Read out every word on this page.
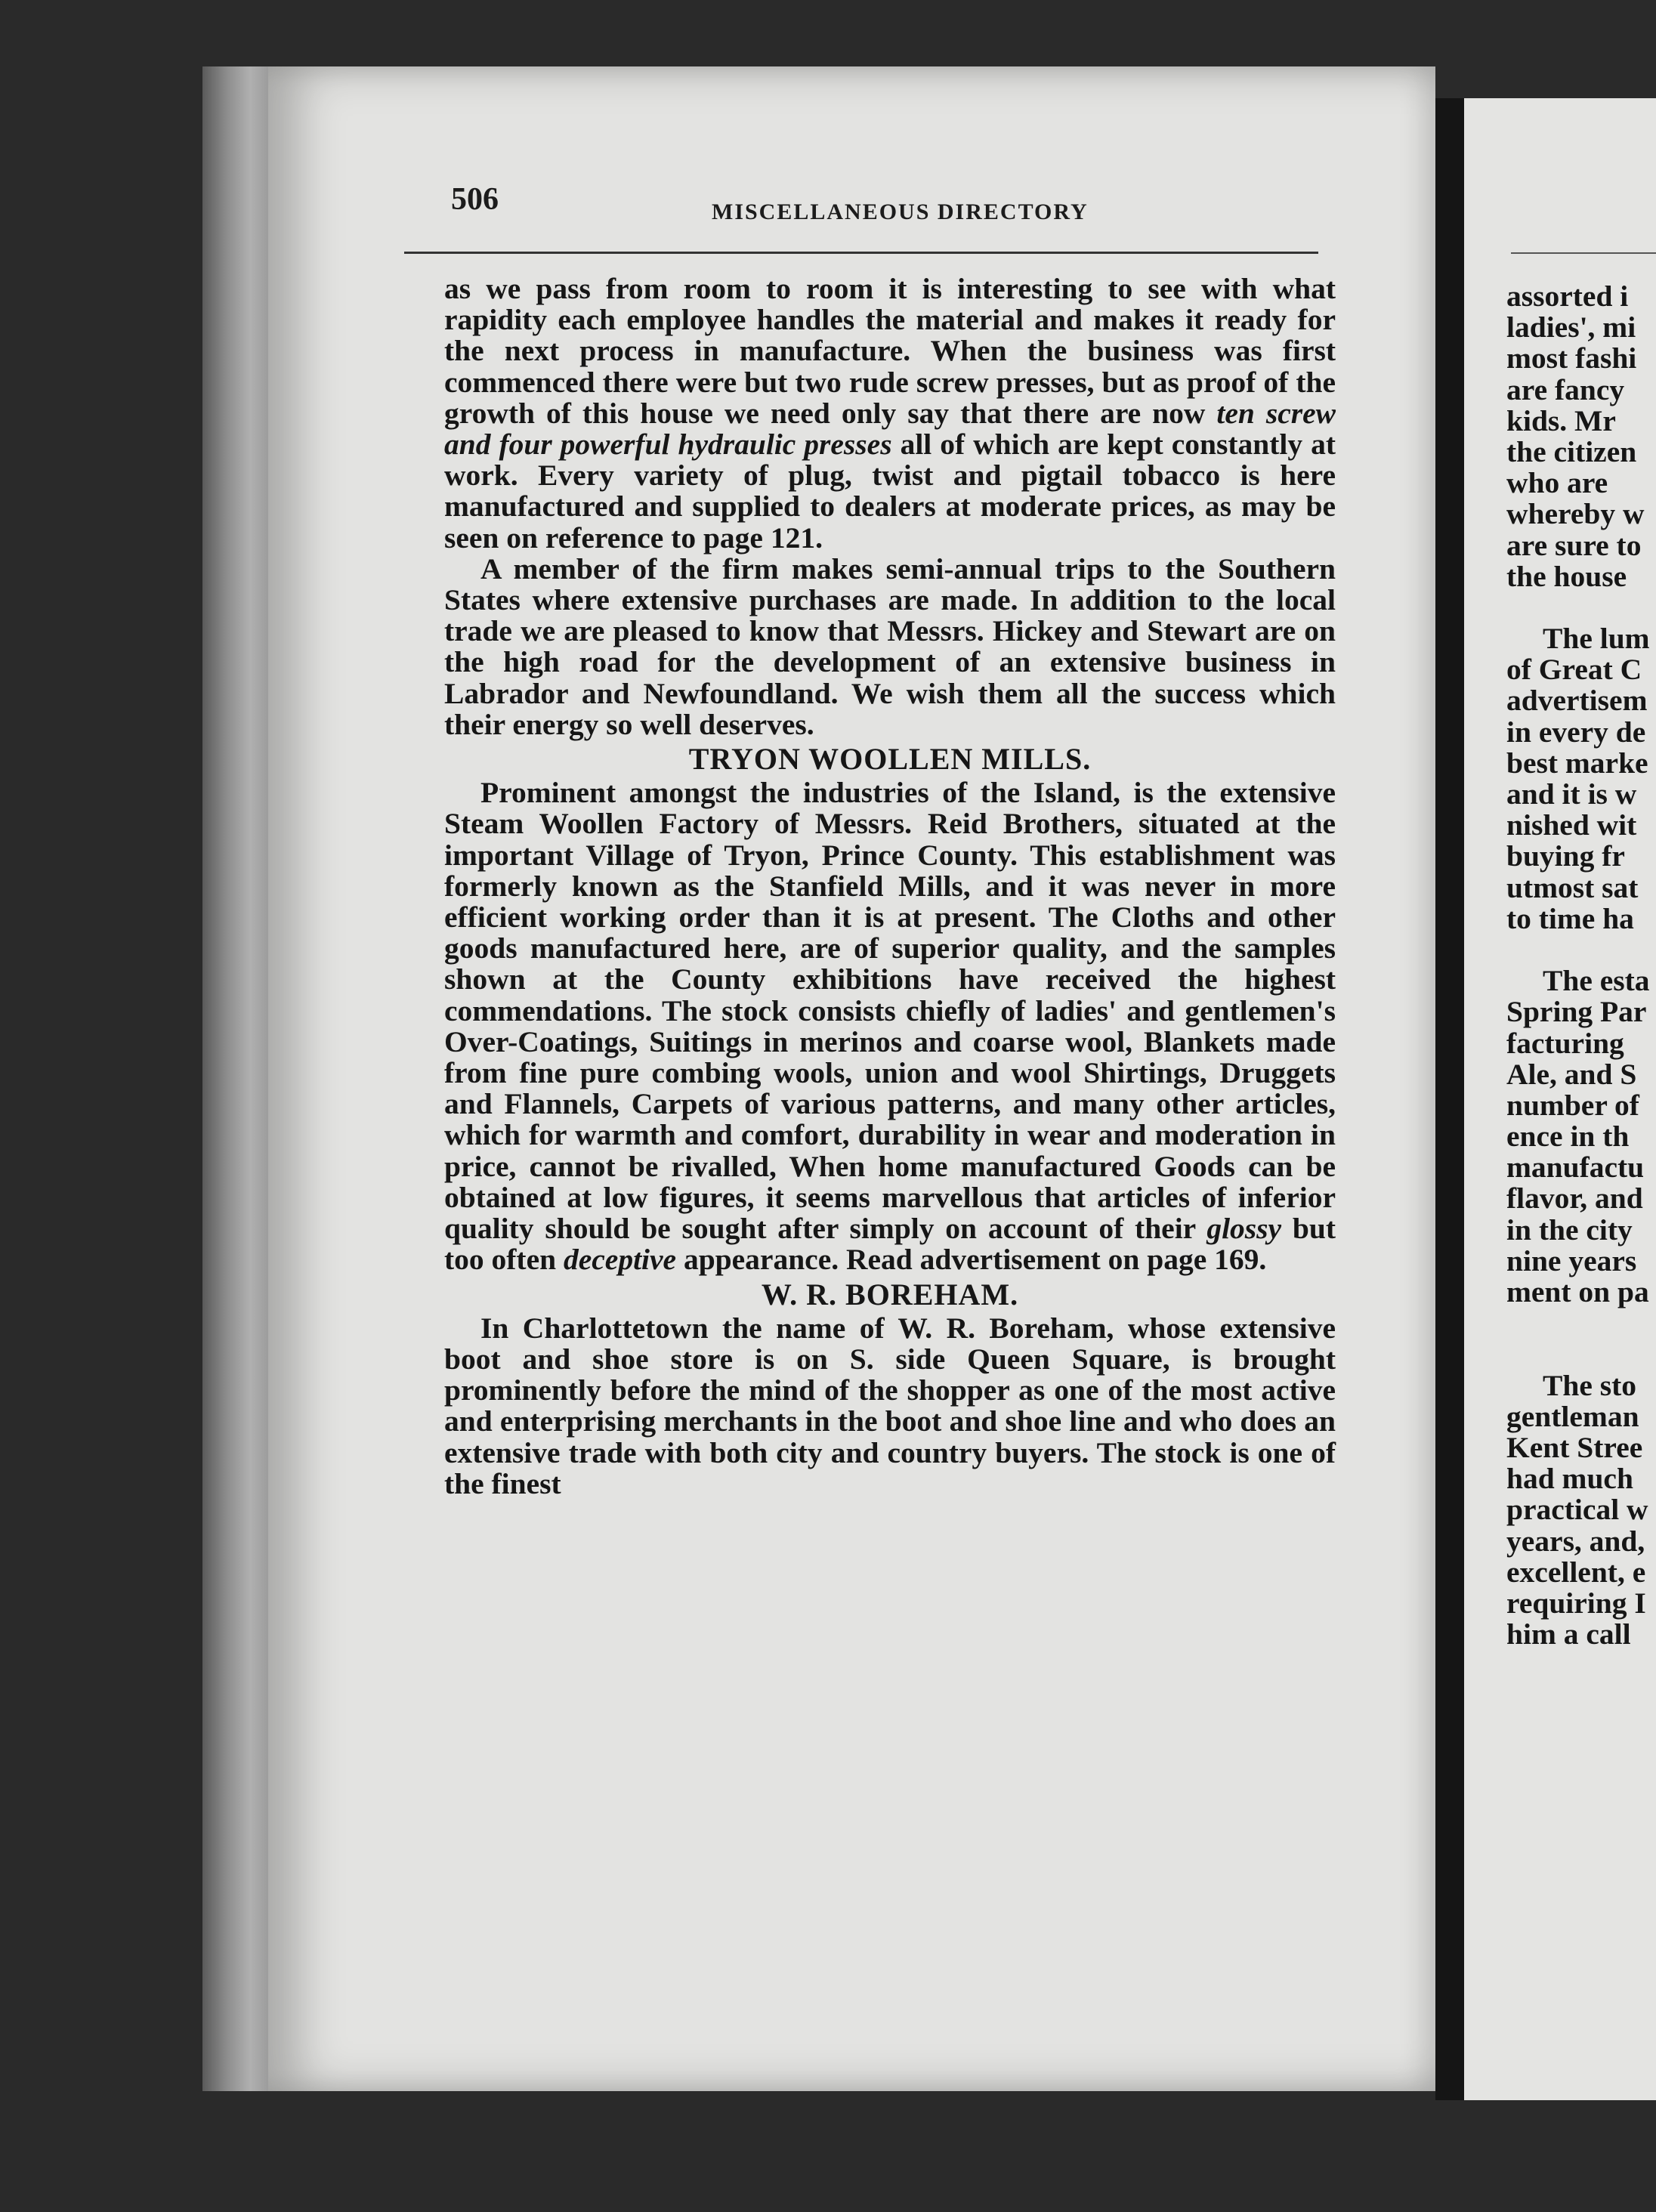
506	MISCELLANEOUS DIRECTORY

as we pass from room to room it is interesting to see with what rapidity each employee handles the material and makes it ready for the next process in manufacture. When the business was first commenced there were but two rude screw presses, but as proof of the growth of this house we need only say that there are now ten screw and four powerful hydraulic presses all of which are kept constantly at work. Every variety of plug, twist and pigtail tobacco is here manufactured and supplied to dealers at moderate prices, as may be seen on reference to page 121.

A member of the firm makes semi-annual trips to the Southern States where extensive purchases are made. In addition to the local trade we are pleased to know that Messrs. Hickey and Stewart are on the high road for the development of an extensive business in Labrador and Newfoundland. We wish them all the success which their energy so well deserves.

TRYON WOOLLEN MILLS.

Prominent amongst the industries of the Island, is the extensive Steam Woollen Factory of Messrs. Reid Brothers, situated at the important Village of Tryon, Prince County. This establishment was formerly known as the Stanfield Mills, and it was never in more efficient working order than it is at present. The Cloths and other goods manufactured here, are of superior quality, and the samples shown at the County exhibitions have received the highest commendations. The stock consists chiefly of ladies' and gentlemen's Over-Coatings, Suitings in merinos and coarse wool, Blankets made from fine pure combing wools, union and wool Shirtings, Druggets and Flannels, Carpets of various patterns, and many other articles, which for warmth and comfort, durability in wear and moderation in price, cannot be rivalled, When home manufactured Goods can be obtained at low figures, it seems marvellous that articles of inferior quality should be sought after simply on account of their glossy but too often deceptive appearance. Read advertisement on page 169.

W. R. BOREHAM.

In Charlottetown the name of W. R. Boreham, whose extensive boot and shoe store is on S. side Queen Square, is brought prominently before the mind of the shopper as one of the most active and enterprising merchants in the boot and shoe line and who does an extensive trade with both city and country buyers. The stock is one of the finest

assorted i
ladies', mi
most fashi
are fancy
kids. Mr
the citizen
who are
whereby w
are sure to
the house
The lum
of Great C
advertisem
in every de
best marke
and it is w
nished wit
buying fr
utmost sat
to time ha
The esta
Spring Par
facturing
Ale, and S
number of
ence in th
manufactu
flavor, and
in the city
nine years
ment on pa
The sto
gentleman
Kent Stree
had much
practical w
years, and,
excellent, e
requiring I
him a call
